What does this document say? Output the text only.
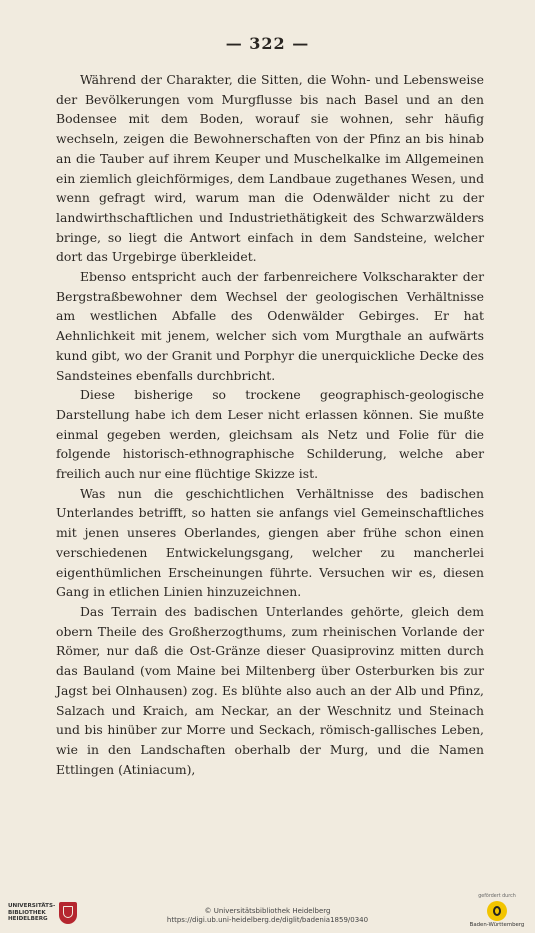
— 322 —

Während der Charakter, die Sitten, die Wohn- und Lebensweise der Bevölkerungen vom Murgflusse bis nach Basel und an den Bodensee mit dem Boden, worauf sie wohnen, sehr häufig wechseln, zeigen die Bewohnerschaften von der Pfinz an bis hinab an die Tauber auf ihrem Keuper und Muschelkalke im Allgemeinen ein ziemlich gleichförmiges, dem Landbaue zugethanes Wesen, und wenn gefragt wird, warum man die Odenwälder nicht zu der landwirthschaftlichen und Industriethätigkeit des Schwarzwälders bringe, so liegt die Antwort einfach in dem Sandsteine, welcher dort das Urgebirge überkleidet.

Ebenso entspricht auch der farbenreichere Volkscharakter der Bergstraßbewohner dem Wechsel der geologischen Verhältnisse am westlichen Abfalle des Odenwälder Gebirges. Er hat Aehnlichkeit mit jenem, welcher sich vom Murgthale an aufwärts kund gibt, wo der Granit und Porphyr die unerquickliche Decke des Sandsteines ebenfalls durchbricht.

Diese bisherige so trockene geographisch-geologische Darstellung habe ich dem Leser nicht erlassen können. Sie mußte einmal gegeben werden, gleichsam als Netz und Folie für die folgende historisch-ethnographische Schilderung, welche aber freilich auch nur eine flüchtige Skizze ist.

Was nun die geschichtlichen Verhältnisse des badischen Unterlandes betrifft, so hatten sie anfangs viel Gemeinschaftliches mit jenen unseres Oberlandes, giengen aber frühe schon einen verschiedenen Entwickelungsgang, welcher zu mancherlei eigenthümlichen Erscheinungen führte. Versuchen wir es, diesen Gang in etlichen Linien hinzuzeichnen.

Das Terrain des badischen Unterlandes gehörte, gleich dem obern Theile des Großherzogthums, zum rheinischen Vorlande der Römer, nur daß die Ost-Gränze dieser Quasiprovinz mitten durch das Bauland (vom Maine bei Miltenberg über Osterburken bis zur Jagst bei Olnhausen) zog. Es blühte also auch an der Alb und Pfinz, Salzach und Kraich, am Neckar, an der Weschnitz und Steinach und bis hinüber zur Morre und Seckach, römisch-gallisches Leben, wie in den Landschaften oberhalb der Murg, und die Namen Ettlingen (Atiniacum),

UNIVERSITÄTS-
BIBLIOTHEK
HEIDELBERG
© Universitätsbibliothek Heidelberg
https://digi.ub.uni-heidelberg.de/diglit/badenia1859/0340
gefördert durch
Baden-Württemberg
